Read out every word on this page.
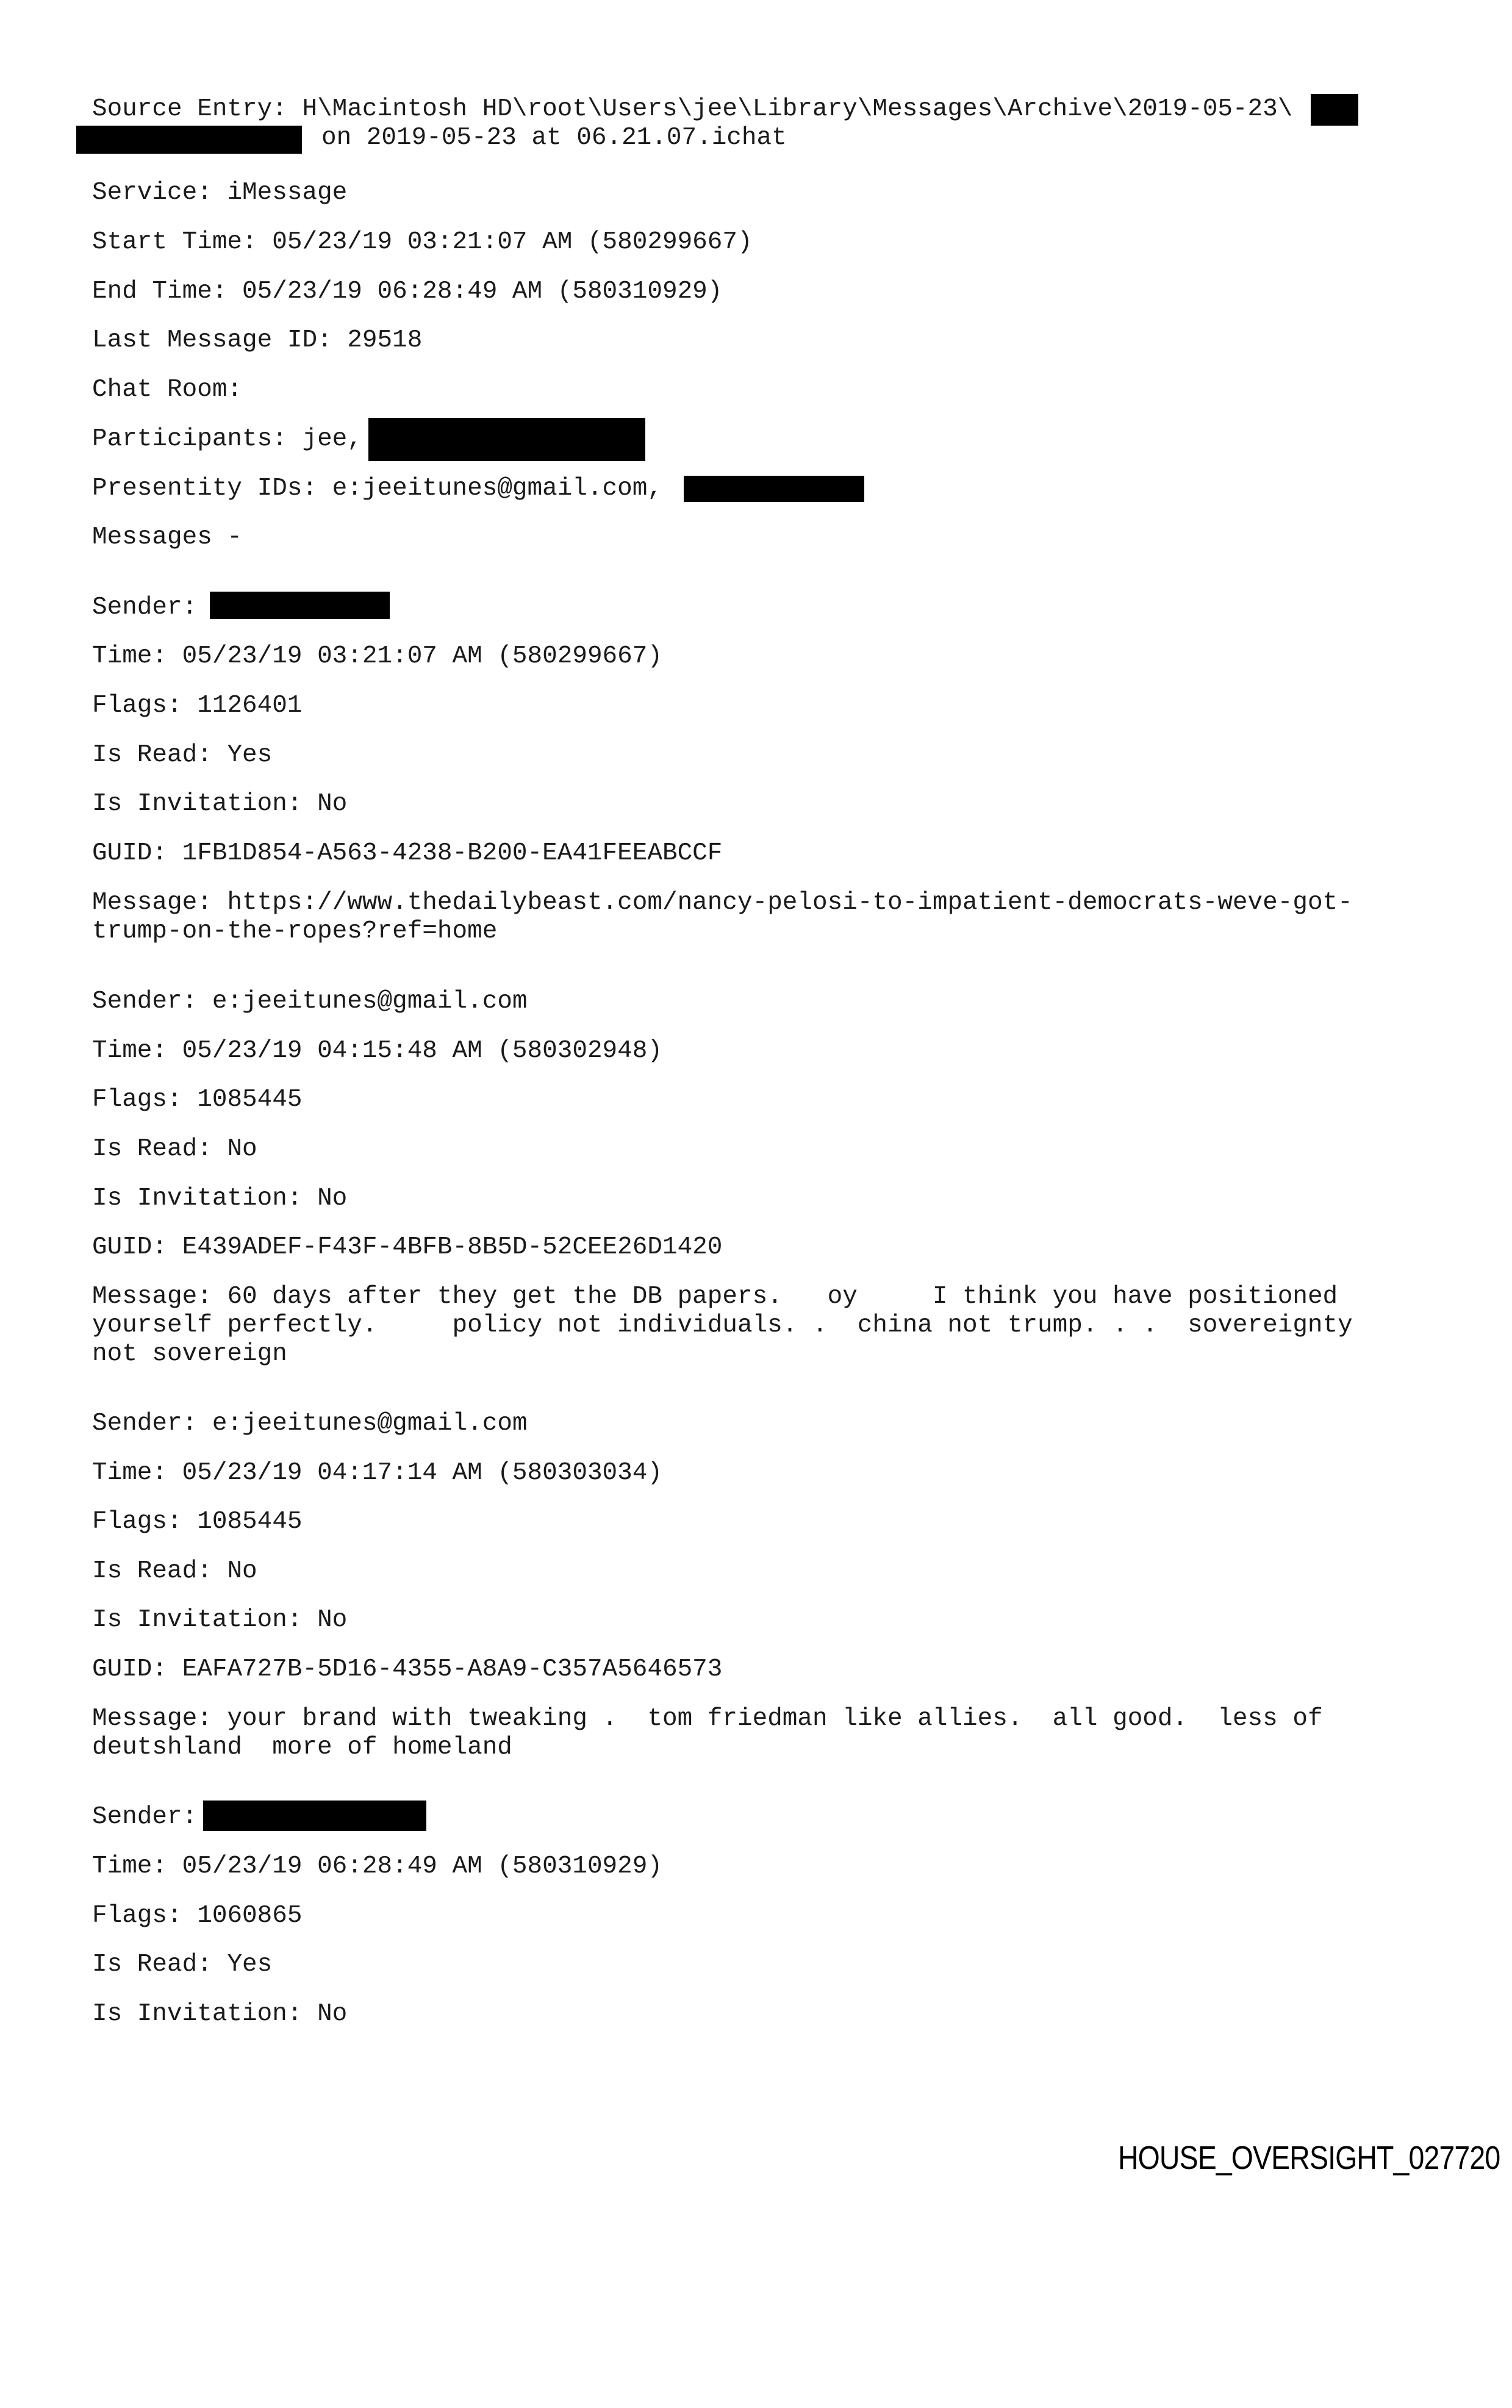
Source Entry: H\Macintosh HD\root\Users\jee\Library\Messages\Archive\2019-05-23\

on 2019-05-23 at 06.21.07.ichat

Service: iMessage

Start Time: 05/23/19 03:21:07 AM (580299667)

End Time: 05/23/19 06:28:49 AM (580310929)

Last Message ID: 29518

Chat Room:

Participants: jee,

Presentity IDs: e:jeeitunes@gmail.com,

Messages -

Sender:

Time: 05/23/19 03:21:07 AM (580299667)

Flags: 1126401

Is Read: Yes

Is Invitation: No

GUID: 1FB1D854-A563-4238-B200-EA41FEEABCCF

Message: https://www.thedailybeast.com/nancy-pelosi-to-impatient-democrats-weve-got-

trump-on-the-ropes?ref=home

Sender: e:jeeitunes@gmail.com

Time: 05/23/19 04:15:48 AM (580302948)

Flags: 1085445

Is Read: No

Is Invitation: No

GUID: E439ADEF-F43F-4BFB-8B5D-52CEE26D1420

Message: 60 days after they get the DB papers.   oy     I think you have positioned

yourself perfectly.     policy not individuals. .  china not trump. . .  sovereignty

not sovereign

Sender: e:jeeitunes@gmail.com

Time: 05/23/19 04:17:14 AM (580303034)

Flags: 1085445

Is Read: No

Is Invitation: No

GUID: EAFA727B-5D16-4355-A8A9-C357A5646573

Message: your brand with tweaking .  tom friedman like allies.  all good.  less of

deutshland  more of homeland

Sender:

Time: 05/23/19 06:28:49 AM (580310929)

Flags: 1060865

Is Read: Yes

Is Invitation: No

HOUSE_OVERSIGHT_027720
